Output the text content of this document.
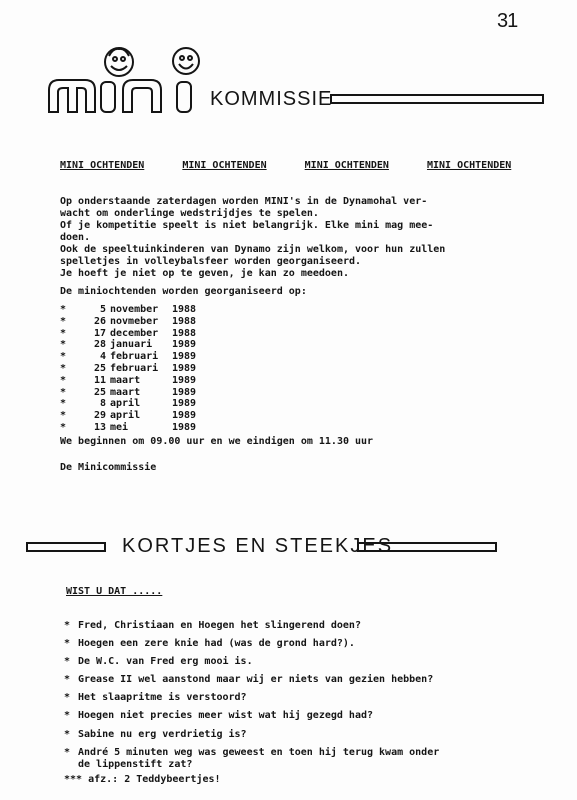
31
KOMMISSIE
MINI OCHTENDEN	MINI OCHTENDEN	MINI OCHTENDEN	MINI OCHTENDEN
Op onderstaande zaterdagen worden MINI's in de Dynamohal ver-
wacht om onderlinge wedstrijdjes te spelen.
Of je kompetitie speelt is niet belangrijk. Elke mini mag mee-
doen.
Ook de speeltuinkinderen van Dynamo zijn welkom, voor hun zullen
spelletjes in volleybalsfeer worden georganiseerd.
Je hoeft je niet op te geven, je kan zo meedoen.
De miniochtenden worden georganiseerd op:
*	5 november	1988
*	26 novmeber	1988
*	17 december	1988
*	28 januari	1989
*	4 februari	1989
*	25 februari	1989
*	11 maart	1989
*	25 maart	1989
*	8 april	1989
*	29 april	1989
*	13 mei	1989
We beginnen om 09.00 uur en we eindigen om 11.30 uur
De Minicommissie
KORTJES EN STEEKJES
WIST U DAT .....
* Fred, Christiaan en Hoegen het slingerend doen?
* Hoegen een zere knie had (was de grond hard?).
* De W.C. van Fred erg mooi is.
* Grease II wel aanstond maar wij er niets van gezien hebben?
* Het slaapritme is verstoord?
* Hoegen niet precies meer wist wat hij gezegd had?
* Sabine nu erg verdrietig is?
* André 5 minuten weg was geweest en toen hij terug kwam onder
de lippenstift zat?
*** afz.: 2 Teddybeertjes!
